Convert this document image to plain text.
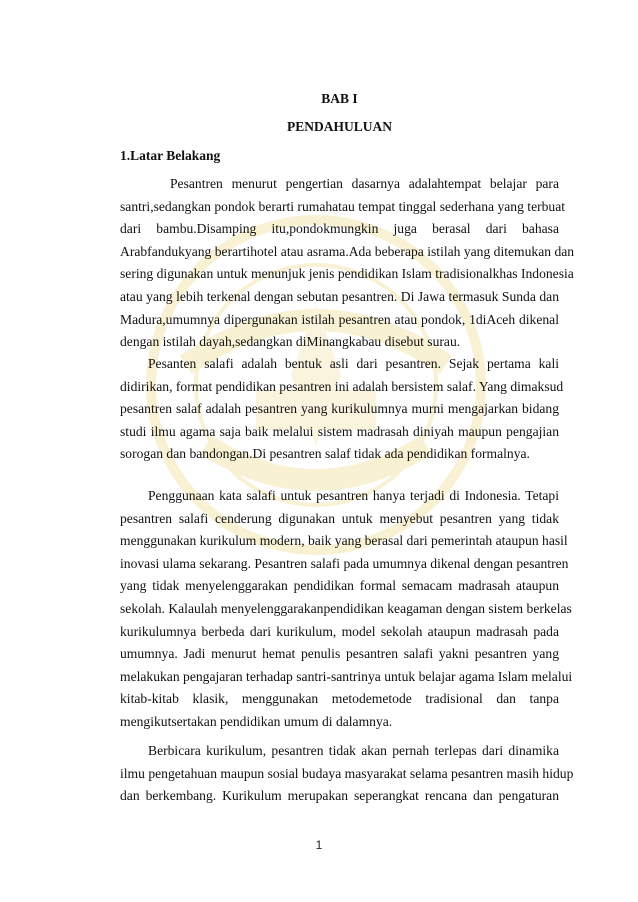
BAB I
PENDAHULUAN
1.Latar Belakang
Pesantren menurut pengertian dasarnya adalahtempat belajar para
santri,sedangkan pondok berarti rumahatau tempat tinggal sederhana yang terbuat
dari bambu.Disamping itu,pondokmungkin juga berasal dari bahasa
Arabfandukyang berartihotel atau asrama.Ada beberapa istilah yang ditemukan dan
sering digunakan untuk menunjuk jenis pendidikan Islam tradisionalkhas Indonesia
atau yang lebih terkenal dengan sebutan pesantren. Di Jawa termasuk Sunda dan
Madura,umumnya dipergunakan istilah pesantren atau pondok, 1diAceh dikenal
dengan istilah dayah,sedangkan diMinangkabau disebut surau.
Pesanten salafi adalah bentuk asli dari pesantren. Sejak pertama kali
didirikan, format pendidikan pesantren ini adalah bersistem salaf. Yang dimaksud
pesantren salaf adalah pesantren yang kurikulumnya murni mengajarkan bidang
studi ilmu agama saja baik melalui sistem madrasah diniyah maupun pengajian
sorogan dan bandongan.Di pesantren salaf tidak ada pendidikan formalnya.
Penggunaan kata salafi untuk pesantren hanya terjadi di Indonesia. Tetapi
pesantren salafi cenderung digunakan untuk menyebut pesantren yang tidak
menggunakan kurikulum modern, baik yang berasal dari pemerintah ataupun hasil
inovasi ulama sekarang. Pesantren salafi pada umumnya dikenal dengan pesantren
yang tidak menyelenggarakan pendidikan formal semacam madrasah ataupun
sekolah. Kalaulah menyelenggarakanpendidikan keagaman dengan sistem berkelas
kurikulumnya berbeda dari kurikulum, model sekolah ataupun madrasah pada
umumnya. Jadi menurut hemat penulis pesantren salafi yakni pesantren yang
melakukan pengajaran terhadap santri-santrinya untuk belajar agama Islam melalui
kitab-kitab klasik, menggunakan metodemetode tradisional dan tanpa
mengikutsertakan pendidikan umum di dalamnya.
Berbicara kurikulum, pesantren tidak akan pernah terlepas dari dinamika
ilmu pengetahuan maupun sosial budaya masyarakat selama pesantren masih hidup
dan berkembang. Kurikulum merupakan seperangkat rencana dan pengaturan
1
